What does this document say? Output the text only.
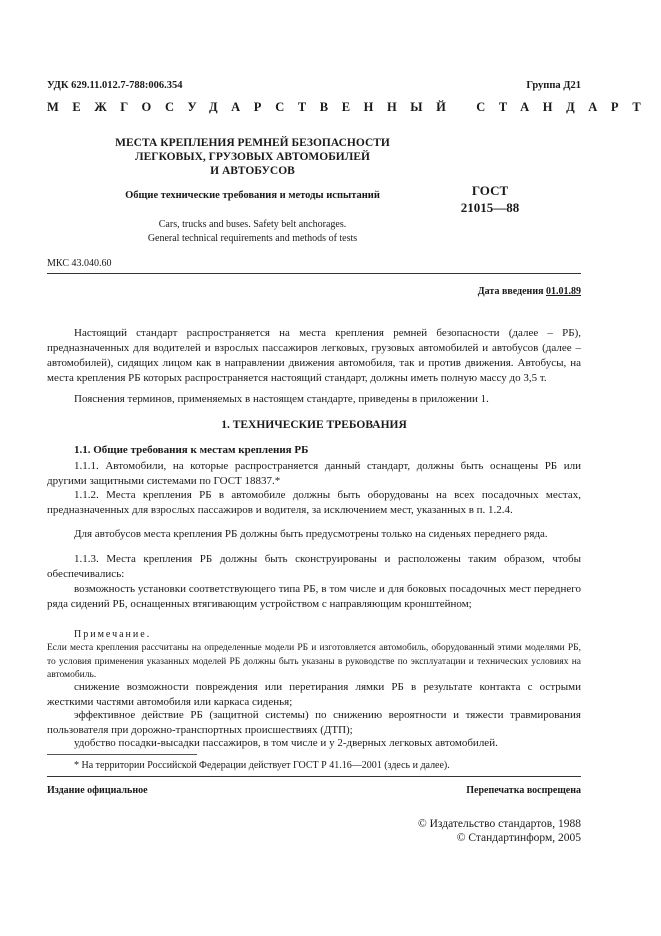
УДК 629.11.012.7-788:006.354	Группа Д21
МЕЖГОСУДАРСТВЕННЫЙ СТАНДАРТ
МЕСТА КРЕПЛЕНИЯ РЕМНЕЙ БЕЗОПАСНОСТИ
ЛЕГКОВЫХ, ГРУЗОВЫХ АВТОМОБИЛЕЙ
И АВТОБУСОВ
Общие технические требования и методы испытаний	ГОСТ
21015—88
Cars, trucks and buses. Safety belt anchorages.
General technical requirements and methods of tests
МКС 43.040.60
Дата введения 01.01.89
Настоящий стандарт распространяется на места крепления ремней безопасности (далее – РБ), предназначенных для водителей и взрослых пассажиров легковых, грузовых автомобилей и автобусов (далее – автомобилей), сидящих лицом как в направлении движения автомобиля, так и против движения. Автобусы, на места крепления РБ которых распространяется настоящий стандарт, должны иметь полную массу до 3,5 т.
Пояснения терминов, применяемых в настоящем стандарте, приведены в приложении 1.
1. ТЕХНИЧЕСКИЕ ТРЕБОВАНИЯ
1.1. Общие требования к местам крепления РБ
1.1.1. Автомобили, на которые распространяется данный стандарт, должны быть оснащены РБ или другими защитными системами по ГОСТ 18837.*
1.1.2. Места крепления РБ в автомобиле должны быть оборудованы на всех посадочных местах, предназначенных для взрослых пассажиров и водителя, за исключением мест, указанных в п. 1.2.4.
Для автобусов места крепления РБ должны быть предусмотрены только на сиденьях переднего ряда.
1.1.3. Места крепления РБ должны быть сконструированы и расположены таким образом, чтобы обеспечивались:
возможность установки соответствующего типа РБ, в том числе и для боковых посадочных мест переднего ряда сидений РБ, оснащенных втягивающим устройством с направляющим кронштейном;
Примечание.
Если места крепления рассчитаны на определенные модели РБ и изготовляется автомобиль, оборудованный этими моделями РБ, то условия применения указанных моделей РБ должны быть указаны в руководстве по эксплуатации и технических условиях на автомобиль.
снижение возможности повреждения или перетирания лямки РБ в результате контакта с острыми жесткими частями автомобиля или каркаса сиденья;
эффективное действие РБ (защитной системы) по снижению вероятности и тяжести травмирования пользователя при дорожно-транспортных происшествиях (ДТП);
удобство посадки-высадки пассажиров, в том числе и у 2-дверных легковых автомобилей.
* На территории Российской Федерации действует ГОСТ Р 41.16—2001 (здесь и далее).
Издание официальное	Перепечатка воспрещена
© Издательство стандартов, 1988
© Стандартинформ, 2005
